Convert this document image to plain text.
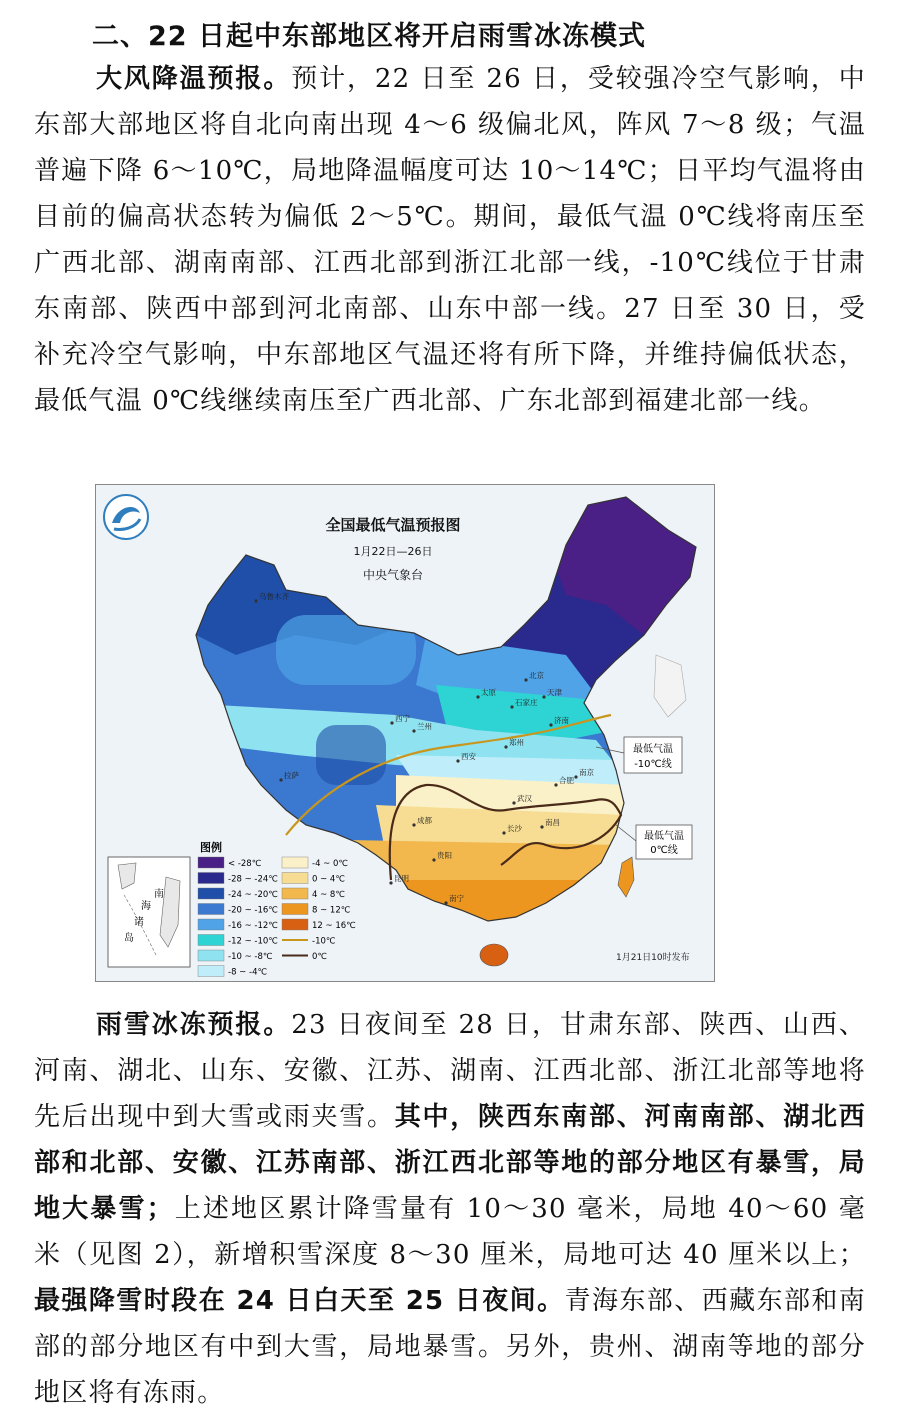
二、22 日起中东部地区将开启雨雪冰冻模式

大风降温预报。预计，22 日至 26 日，受较强冷空气影响，中东部大部地区将自北向南出现 4～6 级偏北风，阵风 7～8 级；气温普遍下降 6～10℃，局地降温幅度可达 10～14℃；日平均气温将由目前的偏高状态转为偏低 2～5℃。期间，最低气温 0℃线将南压至广西北部、湖南南部、江西北部到浙江北部一线，-10℃线位于甘肃东南部、陕西中部到河北南部、山东中部一线。27 日至 30 日，受补充冷空气影响，中东部地区气温还将有所下降，并维持偏低状态，最低气温 0℃线继续南压至广西北部、广东北部到福建北部一线。

全国最低气温预报图
1月22日—26日
中央气象台
最低气温
-10℃线
最低气温
0℃线
乌鲁木齐
北京
天津
石家庄
太原
济南
西宁
兰州
郑州
西安
成都
武汉
合肥
南京
长沙
南昌
贵阳
昆明
南宁
拉萨
南
海
诸
岛
图例
< -28℃
-28 ~ -24℃
-24 ~ -20℃
-20 ~ -16℃
-16 ~ -12℃
-12 ~ -10℃
-10 ~ -8℃
-8 ~ -4℃
-4 ~ 0℃
0 ~ 4℃
4 ~ 8℃
8 ~ 12℃
12 ~ 16℃
-10℃
0℃	1月21日10时发布

雨雪冰冻预报。23 日夜间至 28 日，甘肃东部、陕西、山西、河南、湖北、山东、安徽、江苏、湖南、江西北部、浙江北部等地将先后出现中到大雪或雨夹雪。其中，陕西东南部、河南南部、湖北西部和北部、安徽、江苏南部、浙江西北部等地的部分地区有暴雪，局地大暴雪；上述地区累计降雪量有 10～30 毫米，局地 40～60 毫米（见图 2），新增积雪深度 8～30 厘米，局地可达 40 厘米以上；最强降雪时段在 24 日白天至 25 日夜间。青海东部、西藏东部和南部的部分地区有中到大雪，局地暴雪。另外，贵州、湖南等地的部分地区将有冻雨。
